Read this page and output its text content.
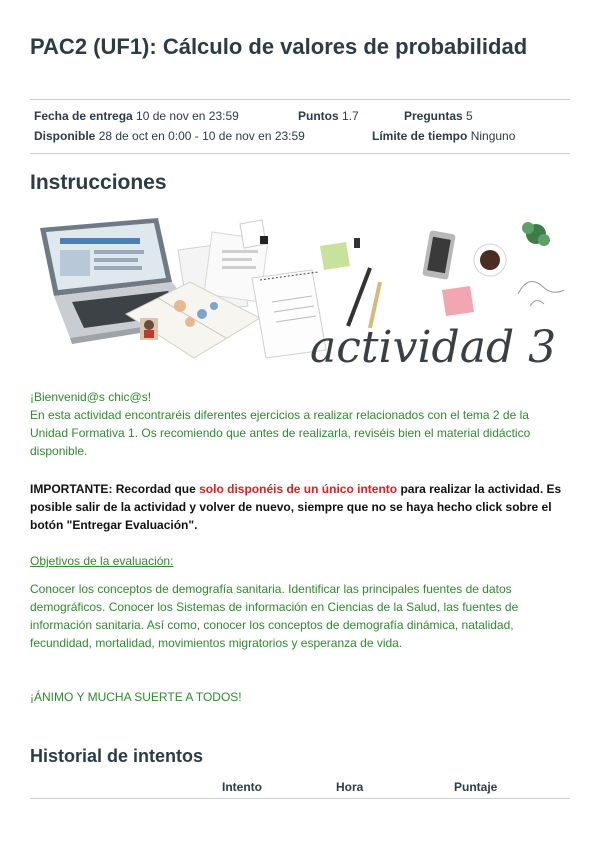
PAC2 (UF1): Cálculo de valores de probabilidad
Fecha de entrega 10 de nov en 23:59	Puntos 1.7	Preguntas 5
Disponible 28 de oct en 0:00 - 10 de nov en 23:59	Límite de tiempo Ninguno
Instrucciones
actividad 3

¡Bienvenid@s chic@s!

En esta actividad encontraréis diferentes ejercicios a realizar relacionados con el tema 2 de la Unidad Formativa 1. Os recomiendo que antes de realizarla, reviséis bien el material didáctico disponible.

IMPORTANTE: Recordad que solo disponéis de un único intento para realizar la actividad. Es posible salir de la actividad y volver de nuevo, siempre que no se haya hecho click sobre el botón "Entregar Evaluación".

Objetivos de la evaluación:

Conocer los conceptos de demografía sanitaria. Identificar las principales fuentes de datos demográficos. Conocer los Sistemas de información en Ciencias de la Salud, las fuentes de información sanitaria. Así como, conocer los conceptos de demografía dinámica, natalidad, fecundidad, mortalidad, movimientos migratorios y esperanza de vida.

¡ÁNIMO Y MUCHA SUERTE A TODOS!

Historial de intentos
Intento	Hora	Puntaje
